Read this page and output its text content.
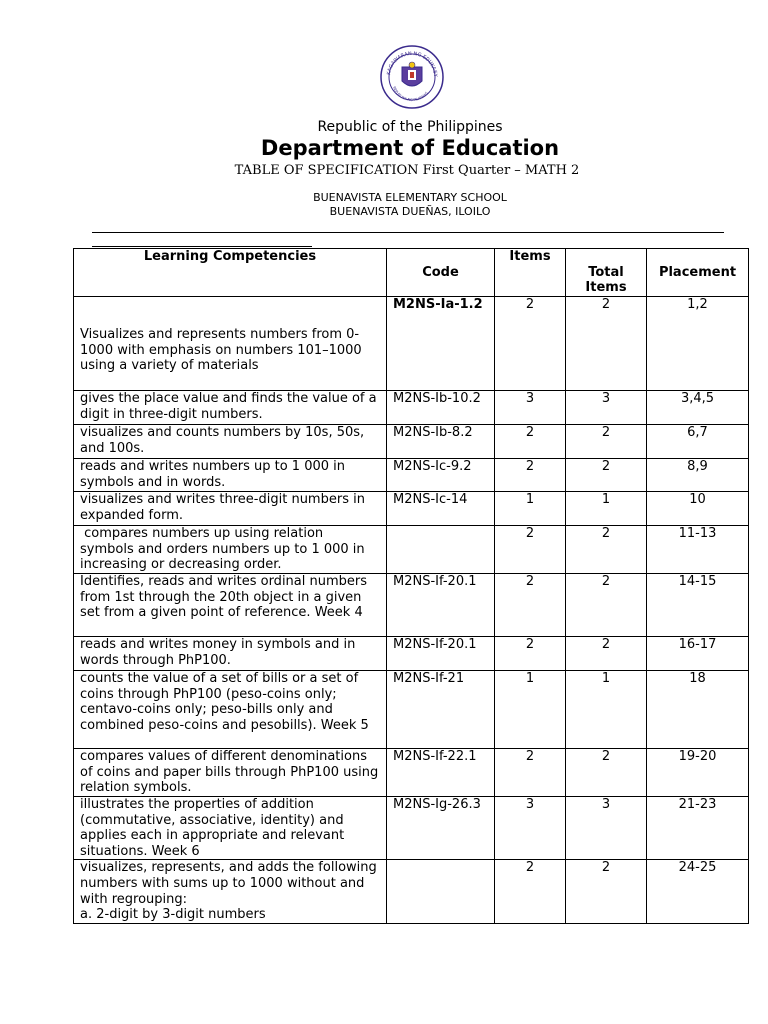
KAGAWARAN NG EDUKASY
REPUBLIKA NG PILIPINAS
Republic of the Philippines
Department of Education
TABLE OF SPECIFICATION First Quarter – MATH 2
BUENAVISTA ELEMENTARY SCHOOL
BUENAVISTA DUEÑAS, ILOILO
Learning Competencies	Code	Items	Total Items	Placement
Visualizes and represents numbers from 0-1000 with emphasis on numbers 101–1000 using a variety of materials	M2NS-Ia-1.2	2	2	1,2
gives the place value and finds the value of a digit in three-digit numbers.	M2NS-Ib-10.2	3	3	3,4,5
visualizes and counts numbers by 10s, 50s, and 100s.	M2NS-Ib-8.2	2	2	6,7
reads and writes numbers up to 1 000 in symbols and in words.	M2NS-Ic-9.2	2	2	8,9
visualizes and writes three-digit numbers in expanded form.	M2NS-Ic-14	1	1	10
compares numbers up using relation symbols and orders numbers up to 1 000 in increasing or decreasing order.		2	2	11-13
Identifies, reads and writes ordinal numbers from 1st through the 20th object in a given set from a given point of reference. Week 4	M2NS-If-20.1	2	2	14-15
reads and writes money in symbols and in words through PhP100.	M2NS-If-20.1	2	2	16-17
counts the value of a set of bills or a set of coins through PhP100 (peso-coins only; centavo-coins only; peso-bills only and combined peso-coins and pesobills). Week 5	M2NS-If-21	1	1	18
compares values of different denominations of coins and paper bills through PhP100 using relation symbols.	M2NS-If-22.1	2	2	19-20
illustrates the properties of addition (commutative, associative, identity) and applies each in appropriate and relevant situations. Week 6	M2NS-Ig-26.3	3	3	21-23

visualizes, represents, and adds the following numbers with sums up to 1000 without and with regrouping:
a. 2-digit by 3-digit numbers		2	2	24-25
